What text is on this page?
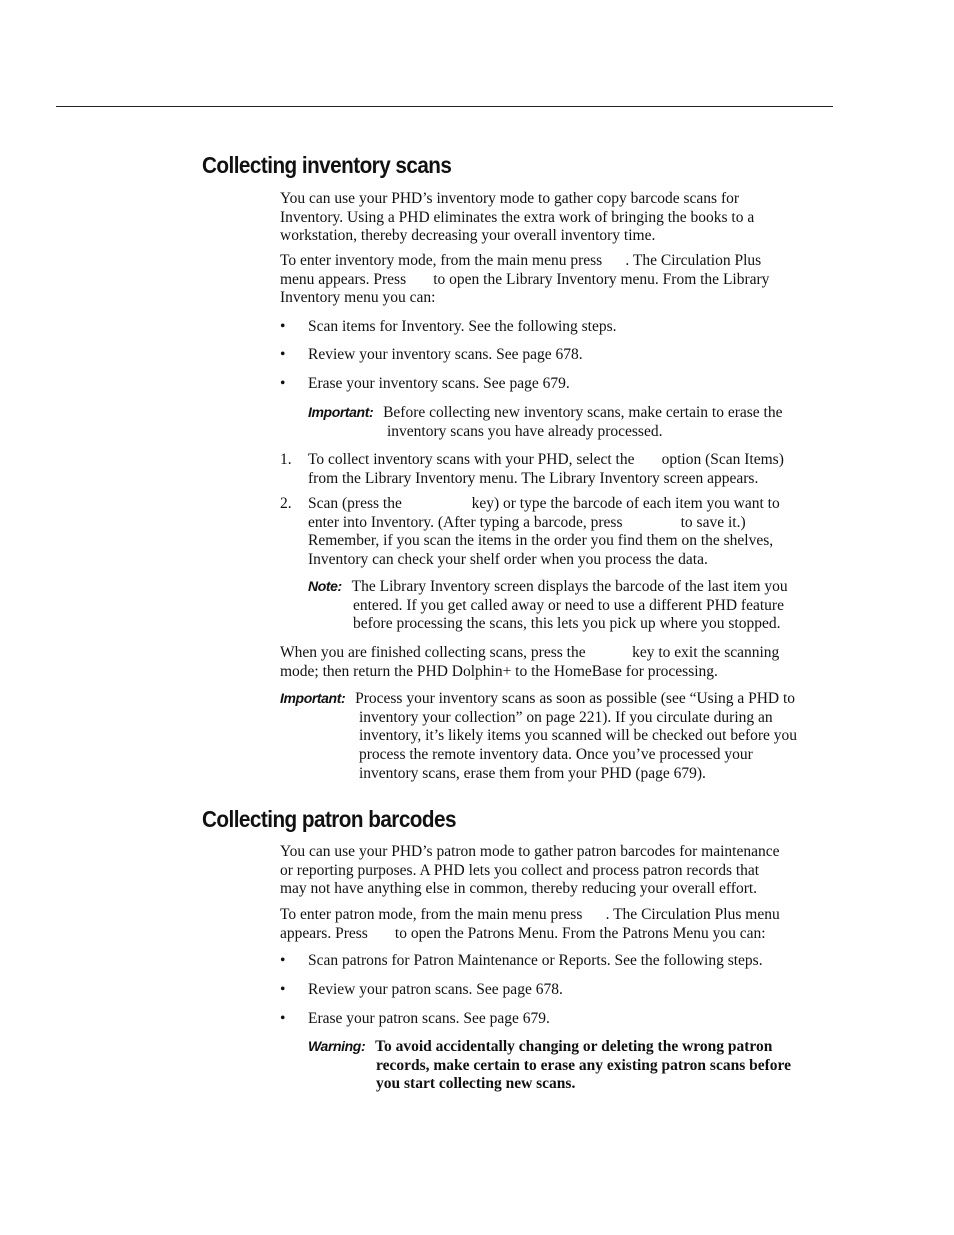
Collecting inventory scans
You can use your PHD’s inventory mode to gather copy barcode scans for
Inventory. Using a PHD eliminates the extra work of bringing the books to a
workstation, thereby decreasing your overall inventory time.
To enter inventory mode, from the main menu press      . The Circulation Plus
menu appears. Press       to open the Library Inventory menu. From the Library
Inventory menu you can:
• Scan items for Inventory. See the following steps.
• Review your inventory scans. See page 678.
• Erase your inventory scans. See page 679.
Important: Before collecting new inventory scans, make certain to erase the
inventory scans you have already processed.
1. To collect inventory scans with your PHD, select the       option (Scan Items)
from the Library Inventory menu. The Library Inventory screen appears.
2. Scan (press the                  key) or type the barcode of each item you want to
enter into Inventory. (After typing a barcode, press               to save it.)
Remember, if you scan the items in the order you find them on the shelves,
Inventory can check your shelf order when you process the data.
Note: The Library Inventory screen displays the barcode of the last item you
entered. If you get called away or need to use a different PHD feature
before processing the scans, this lets you pick up where you stopped.
When you are finished collecting scans, press the            key to exit the scanning
mode; then return the PHD Dolphin+ to the HomeBase for processing.
Important: Process your inventory scans as soon as possible (see “Using a PHD to
inventory your collection” on page 221). If you circulate during an
inventory, it’s likely items you scanned will be checked out before you
process the remote inventory data. Once you’ve processed your
inventory scans, erase them from your PHD (page 679).
Collecting patron barcodes
You can use your PHD’s patron mode to gather patron barcodes for maintenance
or reporting purposes. A PHD lets you collect and process patron records that
may not have anything else in common, thereby reducing your overall effort.
To enter patron mode, from the main menu press      . The Circulation Plus menu
appears. Press       to open the Patrons Menu. From the Patrons Menu you can:
• Scan patrons for Patron Maintenance or Reports. See the following steps.
• Review your patron scans. See page 678.
• Erase your patron scans. See page 679.
Warning: To avoid accidentally changing or deleting the wrong patron
records, make certain to erase any existing patron scans before
you start collecting new scans.
